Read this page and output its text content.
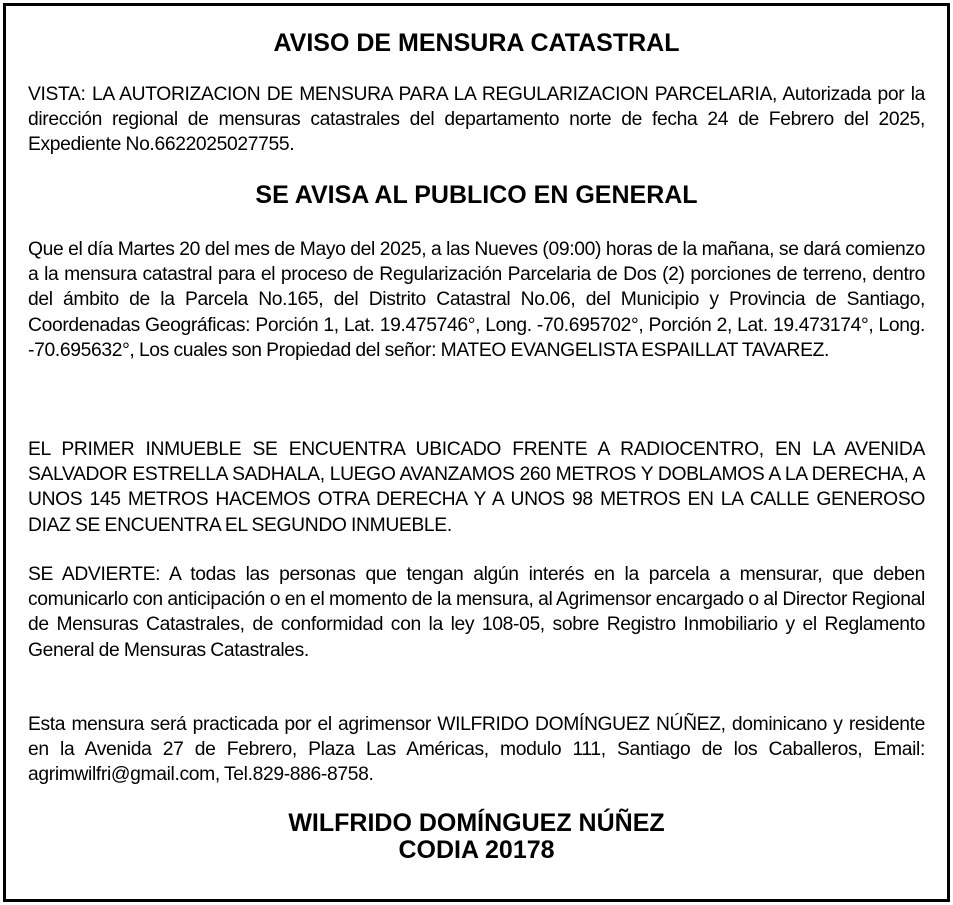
AVISO DE MENSURA CATASTRAL

VISTA: LA AUTORIZACION DE MENSURA PARA LA REGULARIZACION PARCELARIA, Autorizada por la dirección regional de mensuras catastrales del departamento norte de fecha 24 de Febrero del 2025, Expediente No.6622025027755.

SE AVISA AL PUBLICO EN GENERAL

Que el día Martes 20 del mes de Mayo del 2025, a las Nueves (09:00) horas de la mañana, se dará comienzo a la mensura catastral para el proceso de Regularización Parcelaria de Dos (2) porciones de terreno, dentro del ámbito de la Parcela No.165, del Distrito Catastral No.06, del Municipio y Provincia de Santiago, Coordenadas Geográficas: Porción 1, Lat. 19.475746°, Long. -70.695702°, Porción 2, Lat. 19.473174°, Long. -70.695632°, Los cuales son Propiedad del señor: MATEO EVANGELISTA ESPAILLAT TAVAREZ.

EL PRIMER INMUEBLE SE ENCUENTRA UBICADO FRENTE A RADIOCENTRO, EN LA AVENIDA SALVADOR ESTRELLA SADHALA, LUEGO AVANZAMOS 260 METROS Y DOBLAMOS A LA DERECHA, A UNOS 145 METROS HACEMOS OTRA DERECHA Y A UNOS 98 METROS EN LA CALLE GENEROSO DIAZ SE ENCUENTRA EL SEGUNDO INMUEBLE.

SE ADVIERTE: A todas las personas que tengan algún interés en la parcela a mensurar, que deben comunicarlo con anticipación o en el momento de la mensura, al Agrimensor encargado o al Director Regional de Mensuras Catastrales, de conformidad con la ley 108-05, sobre Registro Inmobiliario y el Reglamento General de Mensuras Catastrales.

Esta mensura será practicada por el agrimensor WILFRIDO DOMÍNGUEZ NÚÑEZ, dominicano y residente en la Avenida 27 de Febrero, Plaza Las Américas, modulo 111, Santiago de los Caballeros, Email: agrimwilfri@gmail.com, Tel.829-886-8758.

WILFRIDO DOMÍNGUEZ NÚÑEZ
CODIA 20178
